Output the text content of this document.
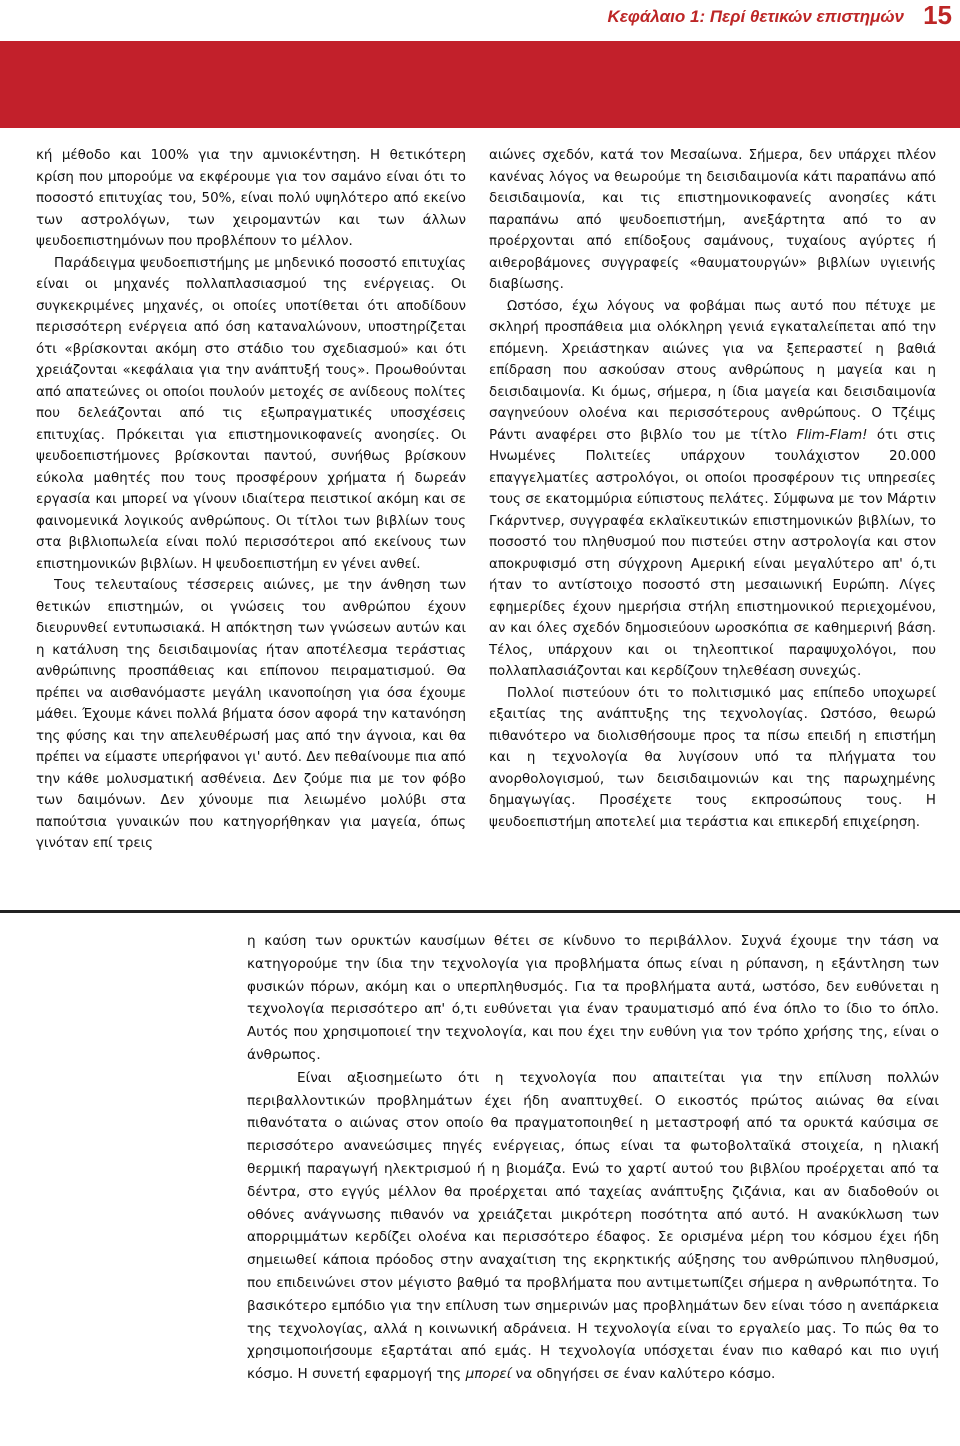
Κεφάλαιο 1: Περί θετικών επιστημών 15

κή μέθοδο και 100% για την αμνιοκέντηση. Η θετικότερη κρίση που μπορούμε να εκφέρουμε για τον σαμάνο είναι ότι το ποσοστό επιτυχίας του, 50%, είναι πολύ υψηλότερο από εκείνο των αστρολόγων, των χειρομαντών και των άλλων ψευδοεπιστημόνων που προβλέπουν το μέλλον.

Παράδειγμα ψευδοεπιστήμης με μηδενικό ποσοστό επιτυχίας είναι οι μηχανές πολλαπλασιασμού της ενέργειας. Οι συγκεκριμένες μηχανές, οι οποίες υποτίθεται ότι αποδίδουν περισσότερη ενέργεια από όση καταναλώνουν, υποστηρίζεται ότι «βρίσκονται ακόμη στο στάδιο του σχεδιασμού» και ότι χρειάζονται «κεφάλαια για την ανάπτυξή τους». Προωθούνται από απατεώνες οι οποίοι πουλούν μετοχές σε ανίδεους πολίτες που δελεάζονται από τις εξωπραγματικές υποσχέσεις επιτυχίας. Πρόκειται για επιστημονικοφανείς ανοησίες. Οι ψευδοεπιστήμονες βρίσκονται παντού, συνήθως βρίσκουν εύκολα μαθητές που τους προσφέρουν χρήματα ή δωρεάν εργασία και μπορεί να γίνουν ιδιαίτερα πειστικοί ακόμη και σε φαινομενικά λογικούς ανθρώπους. Οι τίτλοι των βιβλίων τους στα βιβλιοπωλεία είναι πολύ περισσότεροι από εκείνους των επιστημονικών βιβλίων. Η ψευδοεπιστήμη εν γένει ανθεί.

Τους τελευταίους τέσσερεις αιώνες, με την άνθηση των θετικών επιστημών, οι γνώσεις του ανθρώπου έχουν διευρυνθεί εντυπωσιακά. Η απόκτηση των γνώσεων αυτών και η κατάλυση της δεισιδαιμονίας ήταν αποτέλεσμα τεράστιας ανθρώπινης προσπάθειας και επίπονου πειραματισμού. Θα πρέπει να αισθανόμαστε μεγάλη ικανοποίηση για όσα έχουμε μάθει. Έχουμε κάνει πολλά βήματα όσον αφορά την κατανόηση της φύσης και την απελευθέρωσή μας από την άγνοια, και θα πρέπει να είμαστε υπερήφανοι γι' αυτό. Δεν πεθαίνουμε πια από την κάθε μολυσματική ασθένεια. Δεν ζούμε πια με τον φόβο των δαιμόνων. Δεν χύνουμε πια λειωμένο μολύβι στα παπούτσια γυναικών που κατηγορήθηκαν για μαγεία, όπως γινόταν επί τρεις

αιώνες σχεδόν, κατά τον Μεσαίωνα. Σήμερα, δεν υπάρχει πλέον κανένας λόγος να θεωρούμε τη δεισιδαιμονία κάτι παραπάνω από δεισιδαιμονία, και τις επιστημονικοφανείς ανοησίες κάτι παραπάνω από ψευδοεπιστήμη, ανεξάρτητα από το αν προέρχονται από επίδοξους σαμάνους, τυχαίους αγύρτες ή αιθεροβάμονες συγγραφείς «θαυματουργών» βιβλίων υγιεινής διαβίωσης.

Ωστόσο, έχω λόγους να φοβάμαι πως αυτό που πέτυχε με σκληρή προσπάθεια μια ολόκληρη γενιά εγκαταλείπεται από την επόμενη. Χρειάστηκαν αιώνες για να ξεπεραστεί η βαθιά επίδραση που ασκούσαν στους ανθρώπους η μαγεία και η δεισιδαιμονία. Κι όμως, σήμερα, η ίδια μαγεία και δεισιδαιμονία σαγηνεύουν ολοένα και περισσότερους ανθρώπους. Ο Τζέιμς Ράντι αναφέρει στο βιβλίο του με τίτλο Flim-Flam! ότι στις Ηνωμένες Πολιτείες υπάρχουν τουλάχιστον 20.000 επαγγελματίες αστρολόγοι, οι οποίοι προσφέρουν τις υπηρεσίες τους σε εκατομμύρια εύπιστους πελάτες. Σύμφωνα με τον Μάρτιν Γκάρντνερ, συγγραφέα εκλαϊκευτικών επιστημονικών βιβλίων, το ποσοστό του πληθυσμού που πιστεύει στην αστρολογία και στον αποκρυφισμό στη σύγχρονη Αμερική είναι μεγαλύτερο απ' ό,τι ήταν το αντίστοιχο ποσοστό στη μεσαιωνική Ευρώπη. Λίγες εφημερίδες έχουν ημερήσια στήλη επιστημονικού περιεχομένου, αν και όλες σχεδόν δημοσιεύουν ωροσκόπια σε καθημερινή βάση. Τέλος, υπάρχουν και οι τηλεοπτικοί παραψυχολόγοι, που πολλαπλασιάζονται και κερδίζουν τηλεθέαση συνεχώς.

Πολλοί πιστεύουν ότι το πολιτισμικό μας επίπεδο υποχωρεί εξαιτίας της ανάπτυξης της τεχνολογίας. Ωστόσο, θεωρώ πιθανότερο να διολισθήσουμε προς τα πίσω επειδή η επιστήμη και η τεχνολογία θα λυγίσουν υπό τα πλήγματα του ανορθολογισμού, των δεισιδαιμονιών και της παρωχημένης δημαγωγίας. Προσέχετε τους εκπροσώπους τους. Η ψευδοεπιστήμη αποτελεί μια τεράστια και επικερδή επιχείρηση.

η καύση των ορυκτών καυσίμων θέτει σε κίνδυνο το περιβάλλον. Συχνά έχουμε την τάση να κατηγορούμε την ίδια την τεχνολογία για προβλήματα όπως είναι η ρύπανση, η εξάντληση των φυσικών πόρων, ακόμη και ο υπερπληθυσμός. Για τα προβλήματα αυτά, ωστόσο, δεν ευθύνεται η τεχνολογία περισσότερο απ' ό,τι ευθύνεται για έναν τραυματισμό από ένα όπλο το ίδιο το όπλο. Αυτός που χρησιμοποιεί την τεχνολογία, και που έχει την ευθύνη για τον τρόπο χρήσης της, είναι ο άνθρωπος.

Είναι αξιοσημείωτο ότι η τεχνολογία που απαιτείται για την επίλυση πολλών περιβαλλοντικών προβλημάτων έχει ήδη αναπτυχθεί. Ο εικοστός πρώτος αιώνας θα είναι πιθανότατα ο αιώνας στον οποίο θα πραγματοποιηθεί η μεταστροφή από τα ορυκτά καύσιμα σε περισσότερο ανανεώσιμες πηγές ενέργειας, όπως είναι τα φωτοβολταϊκά στοιχεία, η ηλιακή θερμική παραγωγή ηλεκτρισμού ή η βιομάζα. Ενώ το χαρτί αυτού του βιβλίου προέρχεται από τα δέντρα, στο εγγύς μέλλον θα προέρχεται από ταχείας ανάπτυξης ζιζάνια, και αν διαδοθούν οι οθόνες ανάγνωσης πιθανόν να χρειάζεται μικρότερη ποσότητα από αυτό. Η ανακύκλωση των απορριμμάτων κερδίζει ολοένα και περισσότερο έδαφος. Σε ορισμένα μέρη του κόσμου έχει ήδη σημειωθεί κάποια πρόοδος στην αναχαίτιση της εκρηκτικής αύξησης του ανθρώπινου πληθυσμού, που επιδεινώνει στον μέγιστο βαθμό τα προβλήματα που αντιμετωπίζει σήμερα η ανθρωπότητα. Το βασικότερο εμπόδιο για την επίλυση των σημερινών μας προβλημάτων δεν είναι τόσο η ανεπάρκεια της τεχνολογίας, αλλά η κοινωνική αδράνεια. Η τεχνολογία είναι το εργαλείο μας. Το πώς θα το χρησιμοποιήσουμε εξαρτάται από εμάς. Η τεχνολογία υπόσχεται έναν πιο καθαρό και πιο υγιή κόσμο. Η συνετή εφαρμογή της μπορεί να οδηγήσει σε έναν καλύτερο κόσμο.
